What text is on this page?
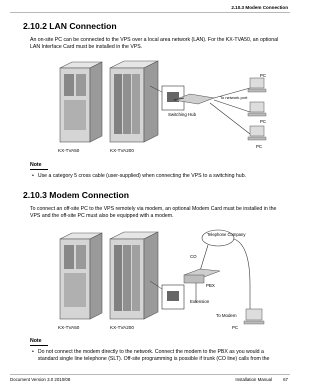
2.10.3 Modem Connection
2.10.2 LAN Connection
An on-site PC can be connected to the VPS over a local area network (LAN). For the KX-TVA50, an optional LAN Interface Card must be installed in the VPS.
To network port
Switching Hub
PC
PC
PC
KX-TVA50	KX-TVA200
Note
• Use a category 5 cross cable (user-supplied) when connecting the VPS to a switching hub.
2.10.3 Modem Connection
To connect an off-site PC to the VPS remotely via modem, an optional Modem Card must be installed in the VPS and the off-site PC must also be equipped with a modem.
Telephone Company
CO
PBX
Extension
To Modem
PC
KX-TVA50	KX-TVA200
Note
• Do not connect the modem directly to the network. Connect the modem to the PBX as you would a standard single line telephone (SLT). Off-site programming is possible if trunk (CO line) calls from the
Document Version 3.0 2010/08	Installation Manual	67
